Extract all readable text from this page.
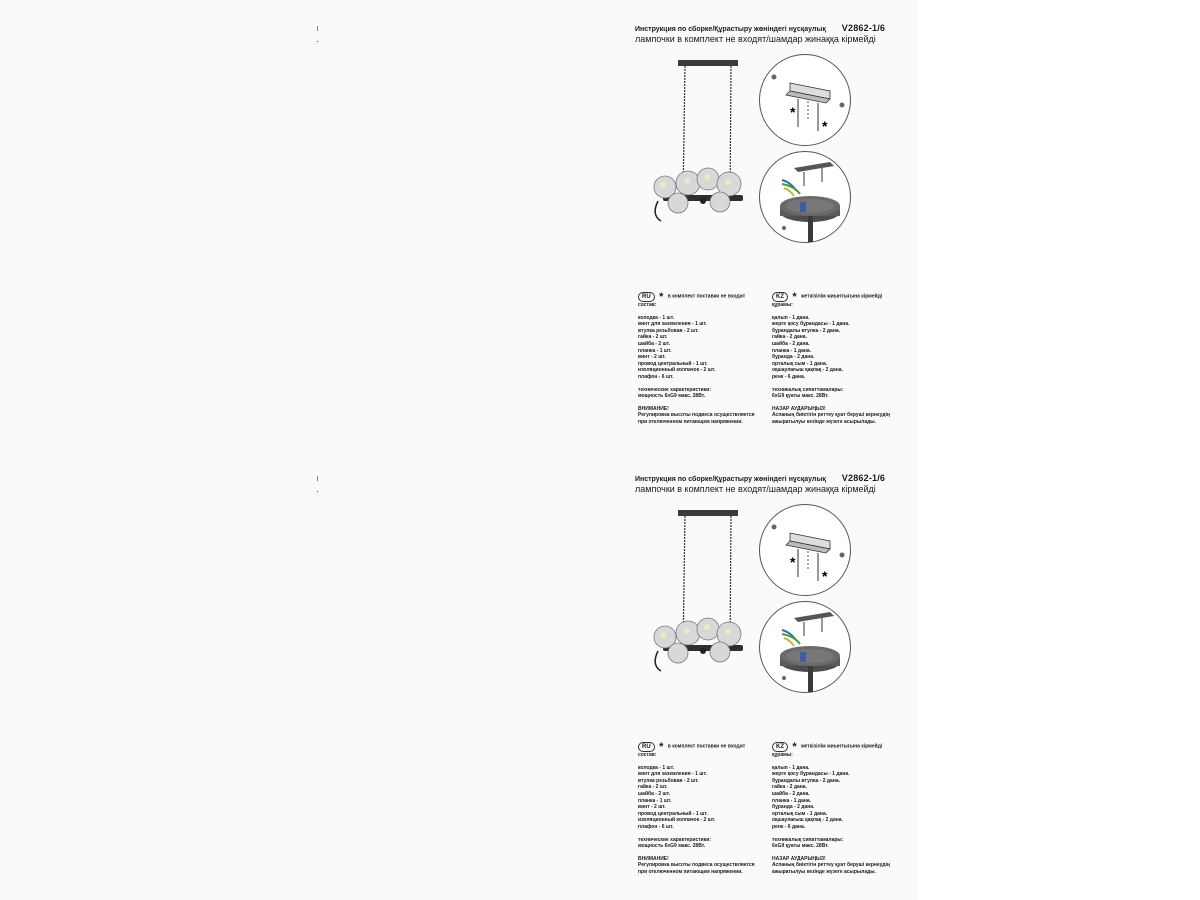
Инструкция по сборке/Құрастыру жөніндегі нұсқаулық V2862-1/6
лампочки в комплект не входят/шамдар жинаққа кірмейді
*
*
RU * в комплект поставки не входит
состав:
колодка - 1 шт.
винт для заземления - 1 шт.
втулка резьбовая - 2 шт.
гайка - 2 шт.
шайба - 2 шт.
планка - 1 шт.
винт - 2 шт.
провод центральный - 1 шт.
изоляционный колпачок - 2 шт.
плафон - 6 шт.
технические характеристики:
мощность 6xG9 макс. 28Вт.
ВНИМАНИЕ!
Регулировка высоты подвеса осуществляется
при отключенном питающем напряжении.
KZ * жеткізілім жиынтығына кірмейді
құрамы:
қалып - 1 дана.
жерге қосу бұрандасы - 1 дана.
бұрандалы втулка - 2 дана.
гайка - 2 дана.
шайба - 2 дана.
планка - 1 дана.
бұранда - 2 дана.
орталық сым - 1 дана.
оқшаулағыш қақпақ - 2 дана.
ренк - 6 дана.
техникалық сипаттамалары:
6xG9 қуаты макс. 28Вт.
НАЗАР АУДАРЫҢЫЗ!
Аспаның биіктігін реттеу қуат беруші кернеудің
ажыратылуы кезінде жүзеге асырылады.
Инструкция по сборке/Құрастыру жөніндегі нұсқаулық V2862-1/6
лампочки в комплект не входят/шамдар жинаққа кірмейді
*
*
RU * в комплект поставки не входит
состав:
колодка - 1 шт.
винт для заземления - 1 шт.
втулка резьбовая - 2 шт.
гайка - 2 шт.
шайба - 2 шт.
планка - 1 шт.
винт - 2 шт.
провод центральный - 1 шт.
изоляционный колпачок - 2 шт.
плафон - 6 шт.
технические характеристики:
мощность 6xG9 макс. 28Вт.
ВНИМАНИЕ!
Регулировка высоты подвеса осуществляется
при отключенном питающем напряжении.
KZ * жеткізілім жиынтығына кірмейді
құрамы:
қалып - 1 дана.
жерге қосу бұрандасы - 1 дана.
бұрандалы втулка - 2 дана.
гайка - 2 дана.
шайба - 2 дана.
планка - 1 дана.
бұранда - 2 дана.
орталық сым - 1 дана.
оқшаулағыш қақпақ - 2 дана.
ренк - 6 дана.
техникалық сипаттамалары:
6xG9 қуаты макс. 28Вт.
НАЗАР АУДАРЫҢЫЗ!
Аспаның биіктігін реттеу қуат беруші кернеудің
ажыратылуы кезінде жүзеге асырылады.
